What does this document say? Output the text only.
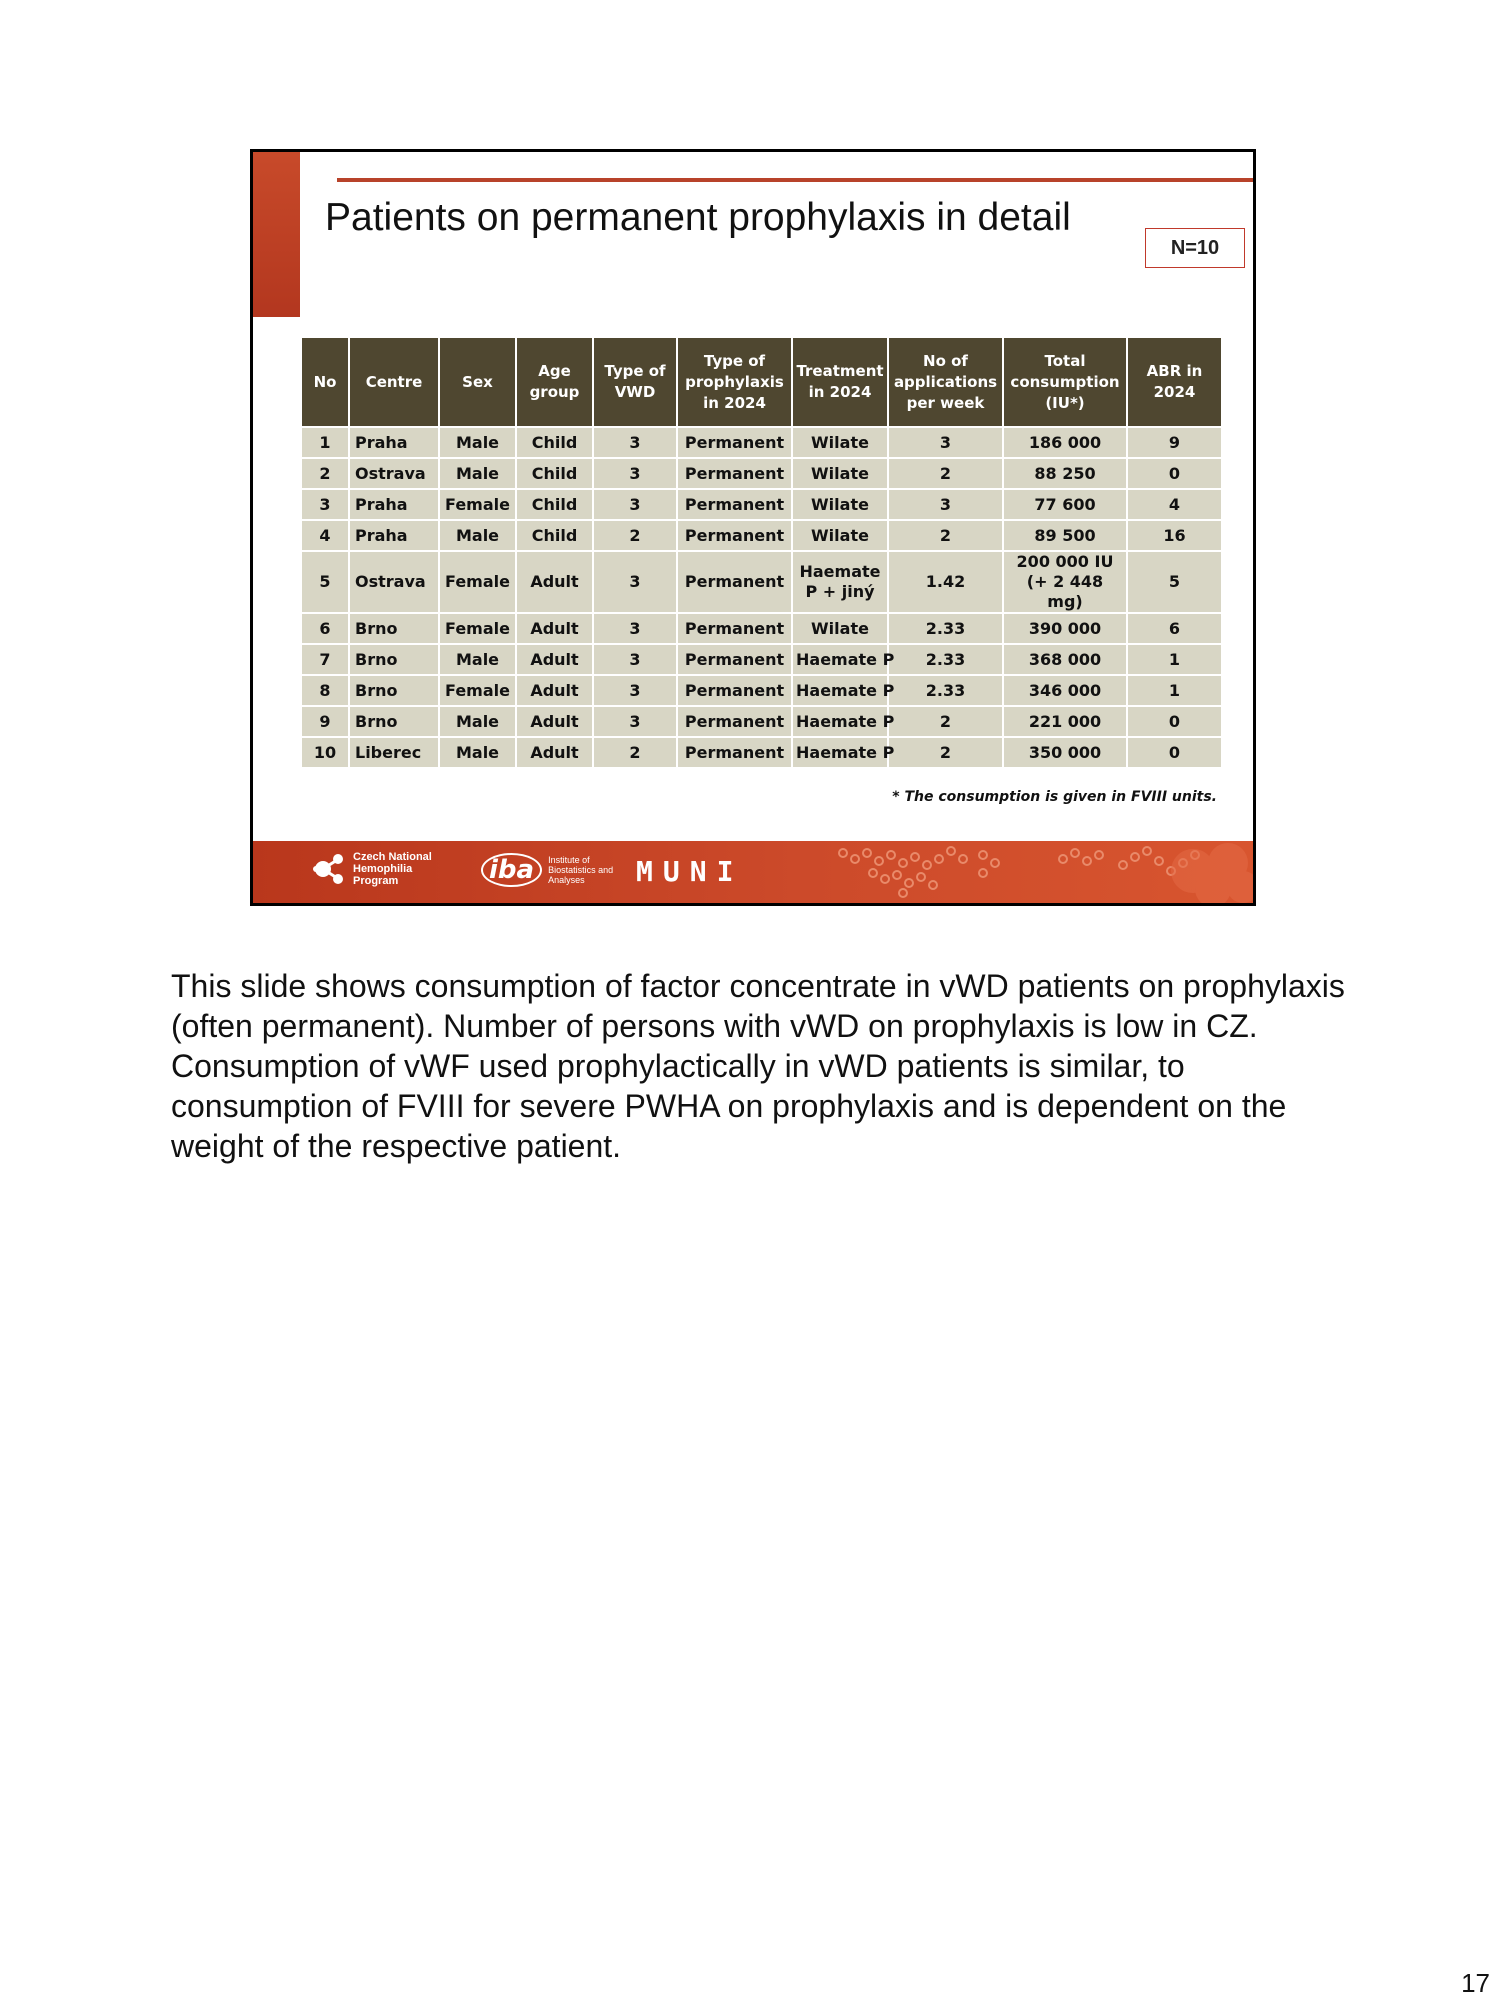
Patients on permanent prophylaxis in detail
N=10
No	Centre	Sex	Age group	Type of VWD	Type of prophylaxis in 2024	Treatment in 2024	No of applications per week	Total consumption (IU*)	ABR in 2024
1	Praha	Male	Child	3	Permanent	Wilate	3	186 000	9
2	Ostrava	Male	Child	3	Permanent	Wilate	2	88 250	0
3	Praha	Female	Child	3	Permanent	Wilate	3	77 600	4
4	Praha	Male	Child	2	Permanent	Wilate	2	89 500	16
5	Ostrava	Female	Adult	3	Permanent	Haemate P + jiný	1.42	200 000 IU (+ 2 448 mg)	5
6	Brno	Female	Adult	3	Permanent	Wilate	2.33	390 000	6
7	Brno	Male	Adult	3	Permanent	Haemate P	2.33	368 000	1
8	Brno	Female	Adult	3	Permanent	Haemate P	2.33	346 000	1
9	Brno	Male	Adult	3	Permanent	Haemate P	2	221 000	0
10	Liberec	Male	Adult	2	Permanent	Haemate P	2	350 000	0
* The consumption is given in FVIII units.
Czech National Hemophilia Program	iba	Institute of Biostatistics and Analyses	MUNI
This slide shows consumption of factor concentrate in vWD patients on prophylaxis (often permanent). Number of persons with vWD on prophylaxis is low in CZ. Consumption of vWF used prophylactically in vWD patients is similar, to consumption of FVIII for severe PWHA on prophylaxis and is dependent on the weight of the respective patient.
17
